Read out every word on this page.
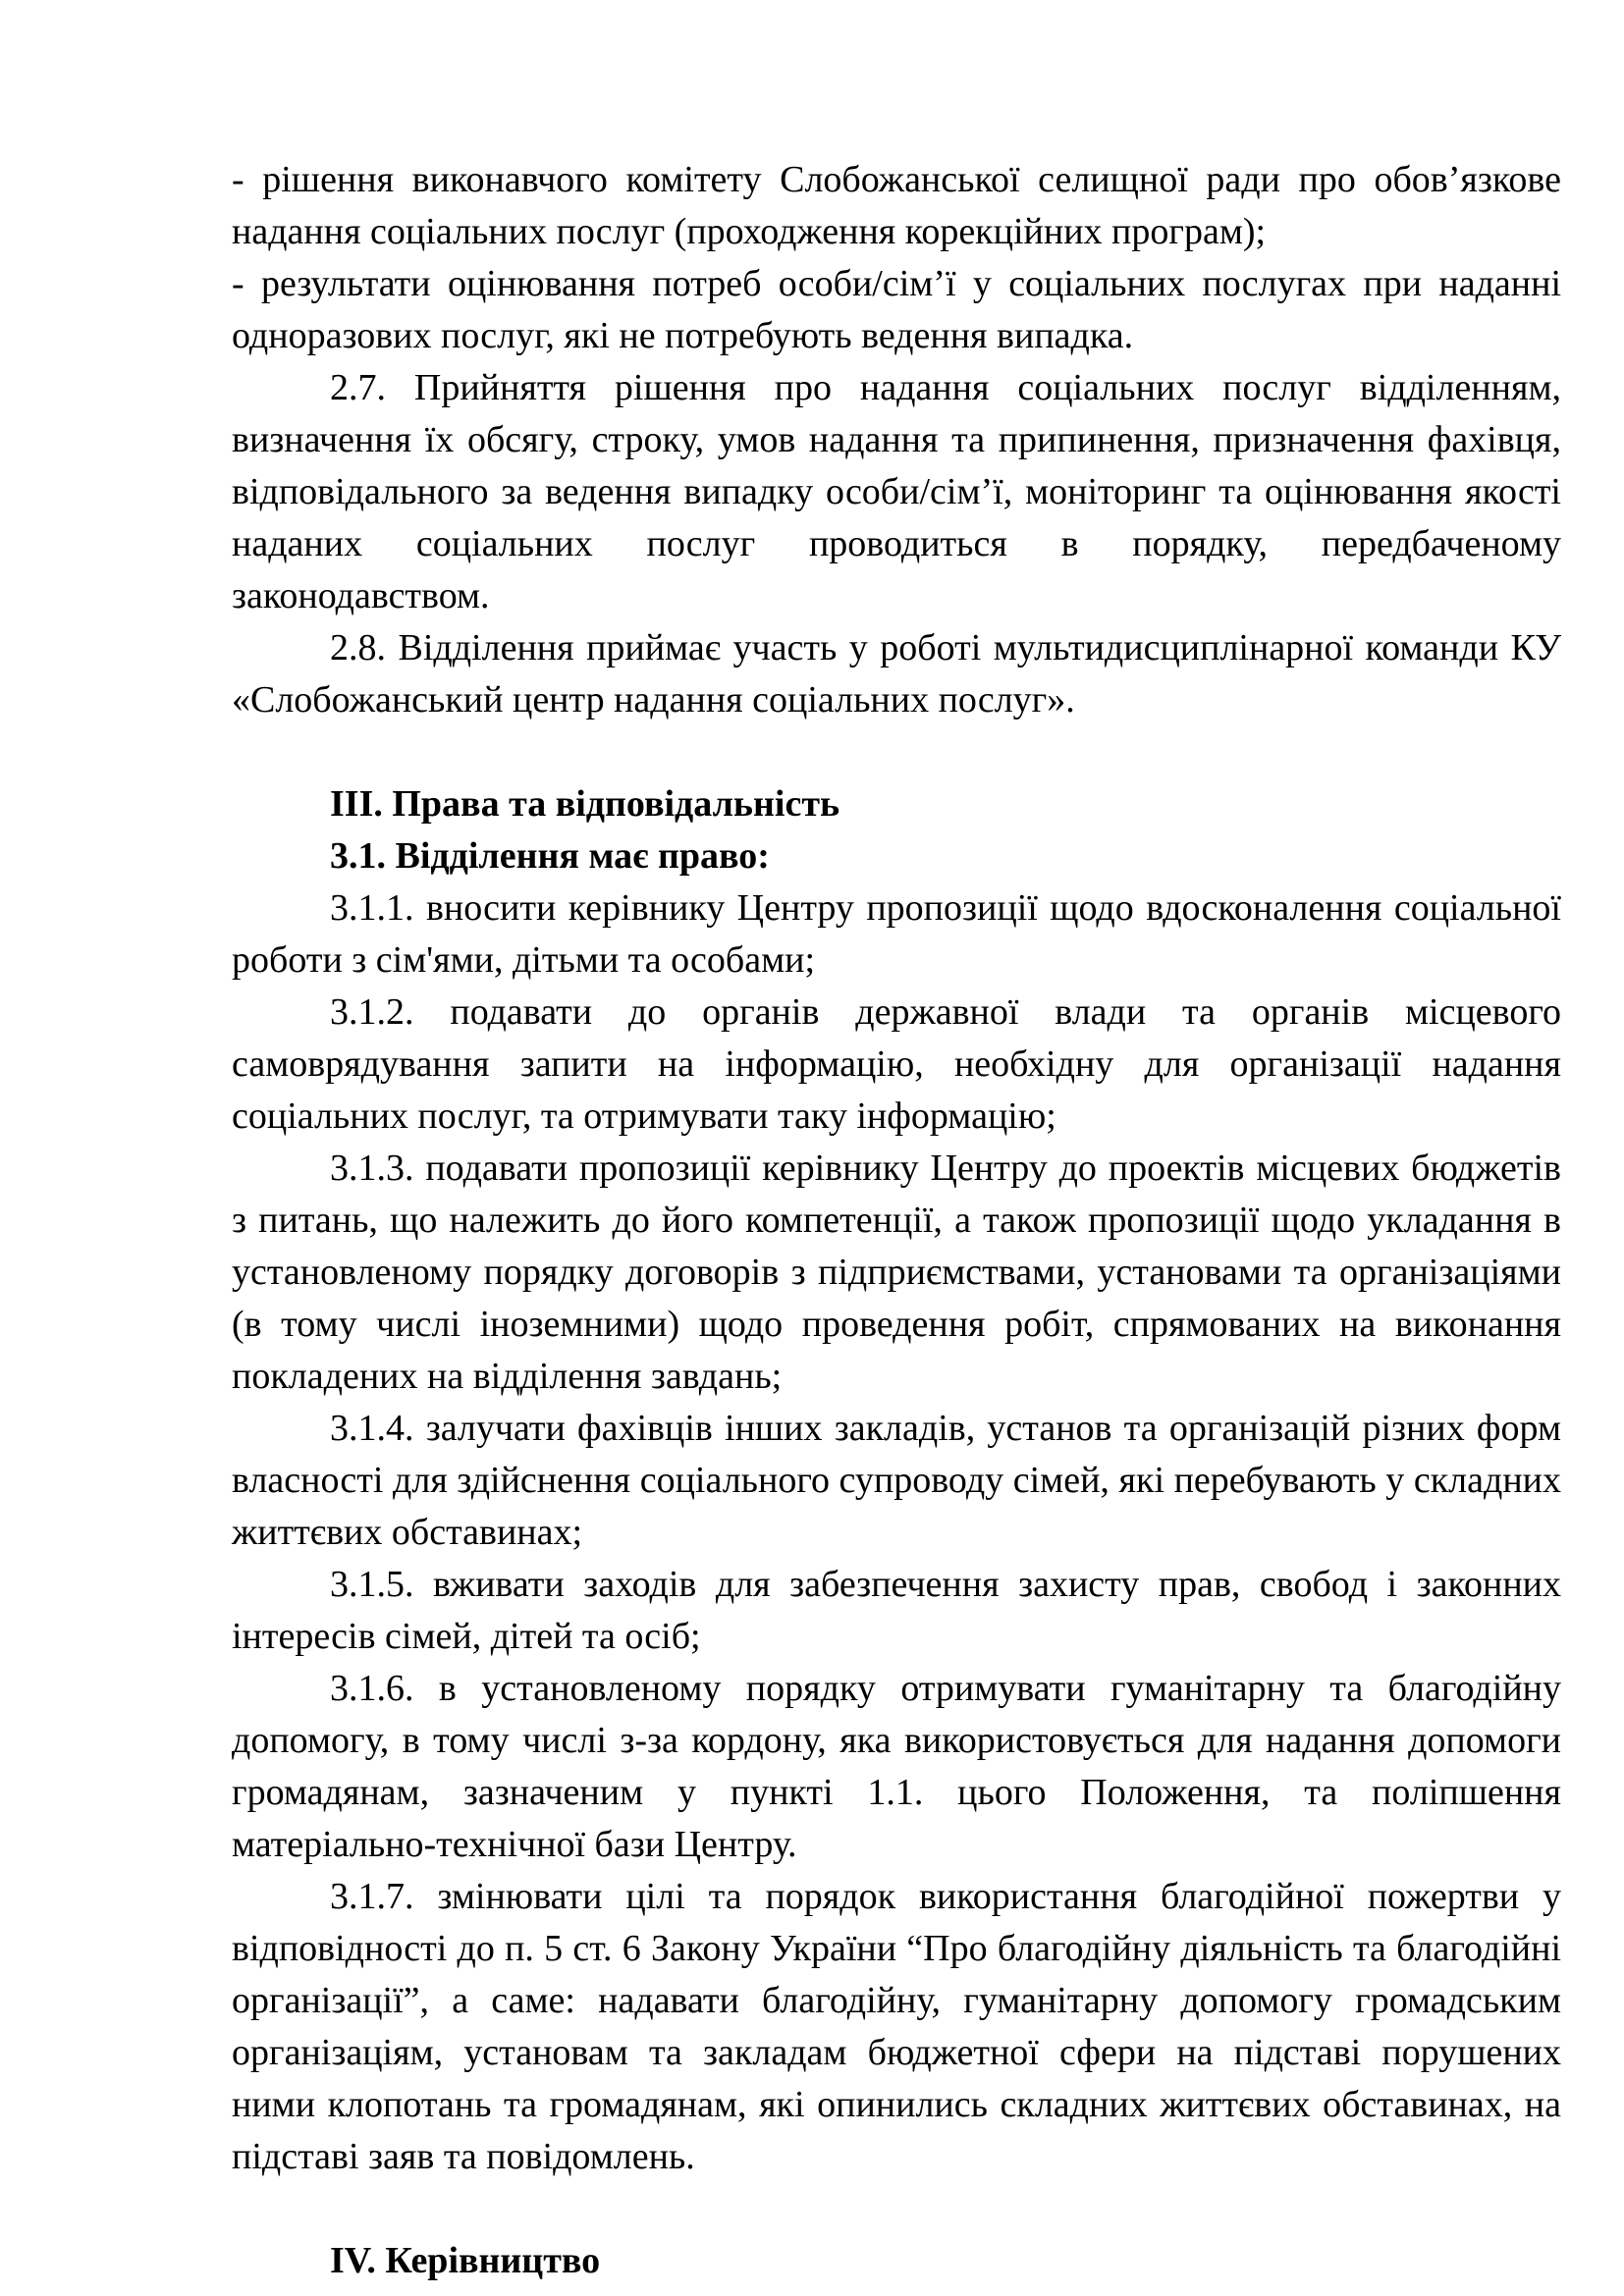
- рішення виконавчого комітету Слобожанської селищної ради про обов’язкове надання соціальних послуг (проходження корекційних програм);

- результати оцінювання потреб особи/сім’ї у соціальних послугах при наданні одноразових послуг, які не потребують ведення випадка.

2.7. Прийняття рішення про надання соціальних послуг відділенням, визначення їх обсягу, строку, умов надання та припинення, призначення фахівця, відповідального за ведення випадку особи/сім’ї, моніторинг та оцінювання якості наданих соціальних послуг проводиться в порядку, передбаченому законодавством.

2.8. Відділення приймає участь у роботі мультидисциплінарної команди КУ «Слобожанський центр надання соціальних послуг».

ІІІ. Права та відповідальність

3.1. Відділення має право:

3.1.1. вносити керівнику Центру пропозиції щодо вдосконалення соціальної роботи з сім'ями, дітьми та особами;

3.1.2. подавати до органів державної влади та органів місцевого самоврядування запити на інформацію, необхідну для організації надання соціальних послуг, та отримувати таку інформацію;

3.1.3. подавати пропозиції керівнику Центру до проектів місцевих бюджетів з питань, що належить до його компетенції, а також пропозиції щодо укладання в установленому порядку договорів з підприємствами, установами та організаціями (в тому числі іноземними) щодо проведення робіт, спрямованих на виконання покладених на відділення завдань;

3.1.4. залучати фахівців інших закладів, установ та організацій різних форм власності для здійснення соціального супроводу сімей, які перебувають у складних життєвих обставинах;

3.1.5. вживати заходів для забезпечення захисту прав, свобод і законних інтересів сімей, дітей та осіб;

3.1.6. в установленому порядку отримувати гуманітарну та благодійну допомогу, в тому числі з-за кордону, яка використовується для надання допомоги громадянам, зазначеним у пункті 1.1. цього Положення, та поліпшення матеріально-технічної бази Центру.

3.1.7. змінювати цілі та порядок використання благодійної пожертви у відповідності до п. 5 ст. 6 Закону України “Про благодійну діяльність та благодійні організації”, а саме: надавати благодійну, гуманітарну допомогу громадським організаціям, установам та закладам бюджетної сфери на підставі порушених ними клопотань та громадянам, які опинились складних життєвих обставинах, на підставі заяв та повідомлень.

IV. Керівництво
